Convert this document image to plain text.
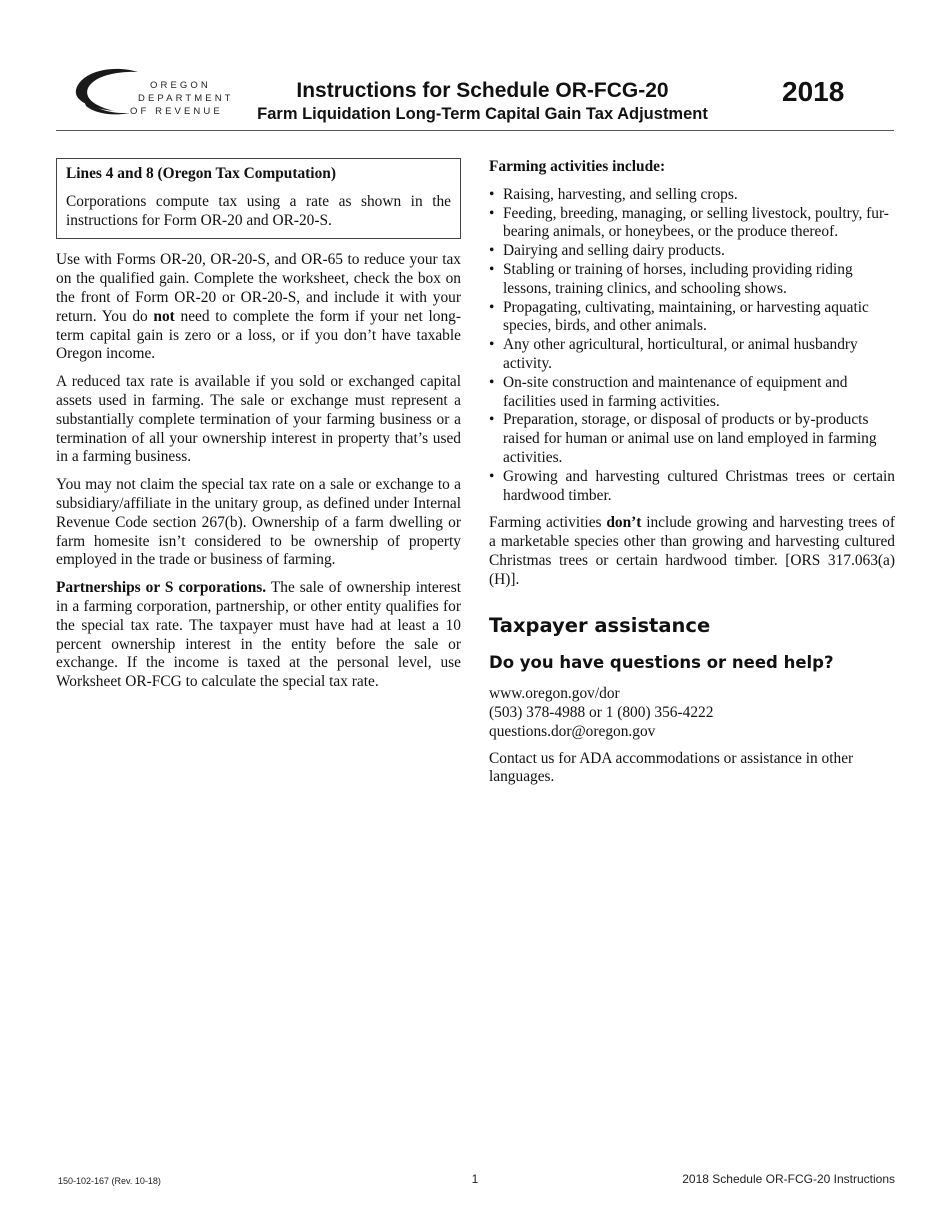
OREGON
DEPARTMENT
OF REVENUE
Instructions for Schedule OR-FCG-20
Farm Liquidation Long-Term Capital Gain Tax Adjustment
2018
Lines 4 and 8 (Oregon Tax Computation)
Corporations compute tax using a rate as shown in the instructions for Form OR-20 and OR-20-S.

Use with Forms OR-20, OR-20-S, and OR-65 to reduce your tax on the qualified gain. Complete the worksheet, check the box on the front of Form OR-20 or OR-20-S, and include it with your return. You do not need to complete the form if your net long-term capital gain is zero or a loss, or if you don’t have taxable Oregon income.

A reduced tax rate is available if you sold or exchanged capital assets used in farming. The sale or exchange must represent a substantially complete termination of your farming business or a termination of all your ownership interest in property that’s used in a farming business.

You may not claim the special tax rate on a sale or exchange to a subsidiary/affiliate in the unitary group, as defined under Internal Revenue Code section 267(b). Ownership of a farm dwelling or farm homesite isn’t considered to be ownership of property employed in the trade or business of farming.

Partnerships or S corporations. The sale of ownership interest in a farming corporation, partnership, or other entity qualifies for the special tax rate. The taxpayer must have had at least a 10 percent ownership interest in the entity before the sale or exchange. If the income is taxed at the personal level, use Worksheet OR-FCG to calculate the special tax rate.

Farming activities include:
• Raising, harvesting, and selling crops.
• Feeding, breeding, managing, or selling livestock, poultry, fur-bearing animals, or honeybees, or the produce thereof.
• Dairying and selling dairy products.
• Stabling or training of horses, including providing riding lessons, training clinics, and schooling shows.
• Propagating, cultivating, maintaining, or harvesting aquatic species, birds, and other animals.
• Any other agricultural, horticultural, or animal husbandry activity.
• On-site construction and maintenance of equipment and facilities used in farming activities.
• Preparation, storage, or disposal of products or by-products raised for human or animal use on land employed in farming activities.
• Growing and harvesting cultured Christmas trees or certain hardwood timber.

Farming activities don’t include growing and harvesting trees of a marketable species other than growing and harvesting cultured Christmas trees or certain hardwood timber. [ORS 317.063(a)(H)].

Taxpayer assistance
Do you have questions or need help?
www.oregon.gov/dor
(503) 378-4988 or 1 (800) 356-4222
questions.dor@oregon.gov

Contact us for ADA accommodations or assistance in other languages.

150-102-167 (Rev. 10-18)	1	2018 Schedule OR-FCG-20 Instructions
